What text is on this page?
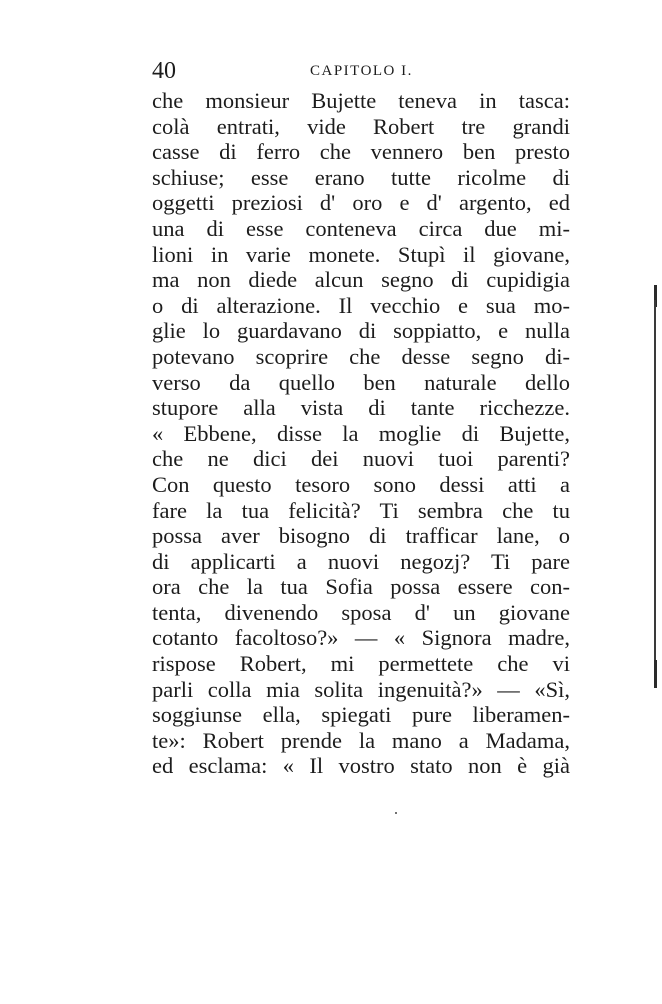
40	CAPITOLO I.
che monsieur Bujette teneva in tasca:
colà entrati, vide Robert tre grandi
casse di ferro che vennero ben presto
schiuse; esse erano tutte ricolme di
oggetti preziosi d' oro e d' argento, ed
una di esse conteneva circa due mi-
lioni in varie monete. Stupì il giovane,
ma non diede alcun segno di cupidigia
o di alterazione. Il vecchio e sua mo-
glie lo guardavano di soppiatto, e nulla
potevano scoprire che desse segno di-
verso da quello ben naturale dello
stupore alla vista di tante ricchezze.
« Ebbene, disse la moglie di Bujette,
che ne dici dei nuovi tuoi parenti?
Con questo tesoro sono dessi atti a
fare la tua felicità? Ti sembra che tu
possa aver bisogno di trafficar lane, o
di applicarti a nuovi negozj? Ti pare
ora che la tua Sofia possa essere con-
tenta, divenendo sposa d' un giovane
cotanto facoltoso?» — « Signora madre,
rispose Robert, mi permettete che vi
parli colla mia solita ingenuità?» — «Sì,
soggiunse ella, spiegati pure liberamen-
te»: Robert prende la mano a Madama,
ed esclama: « Il vostro stato non è già
